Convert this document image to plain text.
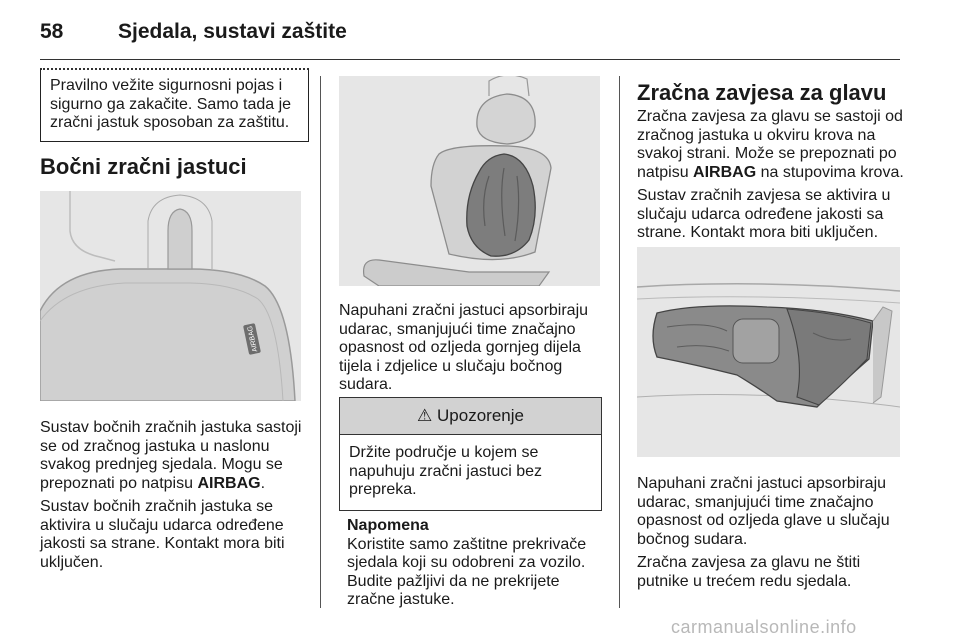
58	Sjedala, sustavi zaštite
Pravilno vežite sigurnosni pojas i sigurno ga zakačite. Samo tada je zračni jastuk sposoban za zaštitu.
Bočni zračni jastuci
AIRBAG

Sustav bočnih zračnih jastuka sastoji se od zračnog jastuka u naslonu svakog prednjeg sjedala. Mogu se prepoznati po natpisu AIRBAG.

Sustav bočnih zračnih jastuka se aktivira u slučaju udarca određene jakosti sa strane. Kontakt mora biti uključen.

Napuhani zračni jastuci apsorbiraju udarac, smanjujući time značajno opasnost od ozljeda gornjeg dijela tijela i zdjelice u slučaju bočnog sudara.

⚠ Upozorenje
Držite područje u kojem se napuhuju zračni jastuci bez prepreka.
Napomena
Koristite samo zaštitne prekrivače sjedala koji su odobreni za vozilo. Budite pažljivi da ne prekrijete zračne jastuke.
Zračna zavjesa za glavu

Zračna zavjesa za glavu se sastoji od zračnog jastuka u okviru krova na svakoj strani. Može se prepoznati po natpisu AIRBAG na stupovima krova.

Sustav zračnih zavjesa se aktivira u slučaju udarca određene jakosti sa strane. Kontakt mora biti uključen.

Napuhani zračni jastuci apsorbiraju udarac, smanjujući time značajno opasnost od ozljeda glave u slučaju bočnog sudara.

Zračna zavjesa za glavu ne štiti putnike u trećem redu sjedala.

carmanualsonline.info
